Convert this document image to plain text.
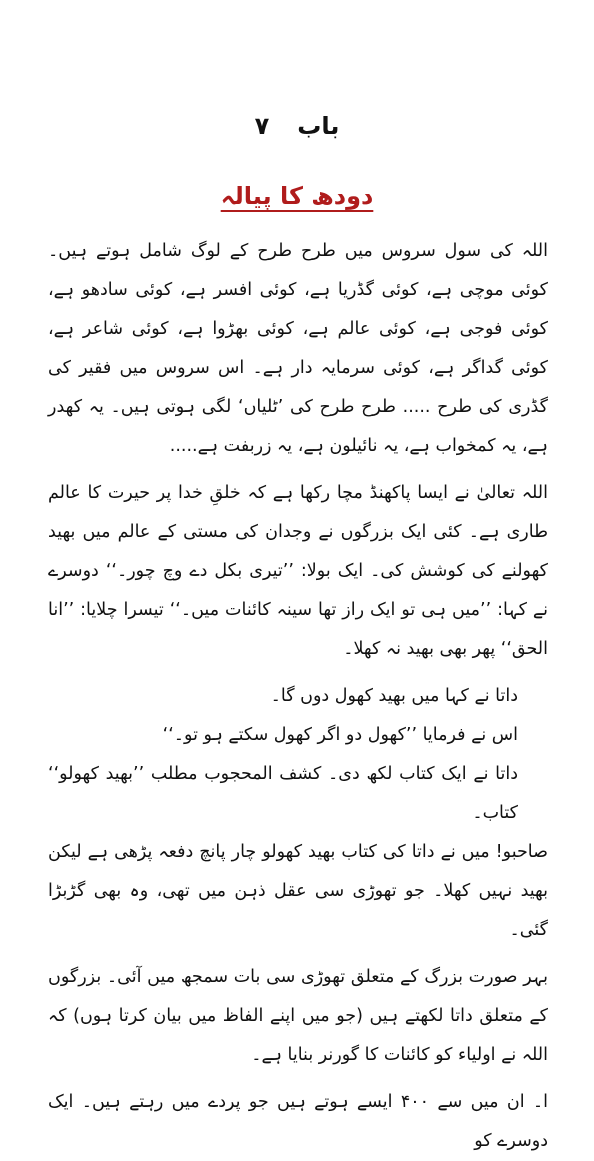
باب۷
دودھ کا پیالہ

اللہ کی سول سروس میں طرح طرح کے لوگ شامل ہوتے ہیں۔ کوئی موچی ہے، کوئی گڈریا ہے، کوئی افسر ہے، کوئی سادھو ہے، کوئی فوجی ہے، کوئی عالم ہے، کوئی بھڑوا ہے، کوئی شاعر ہے، کوئی گداگر ہے، کوئی سرمایہ دار ہے۔ اس سروس میں فقیر کی گڈری کی طرح ..... طرح طرح کی ’ٹلیاں‘ لگی ہوتی ہیں۔ یہ کھدر ہے، یہ کمخواب ہے، یہ نائیلون ہے، یہ زربفت ہے.....

اللہ تعالیٰ نے ایسا پاکھنڈ مچا رکھا ہے کہ خلقِ خدا پر حیرت کا عالم طاری ہے۔ کئی ایک بزرگوں نے وجدان کی مستی کے عالم میں بھید کھولنے کی کوشش کی۔ ایک بولا: ’’تیری بکل دے وچ چور۔‘‘ دوسرے نے کہا: ’’میں ہی تو ایک راز تھا سینہ کائنات میں۔‘‘ تیسرا چلایا: ’’انا الحق‘‘ پھر بھی بھید نہ کھلا۔

داتا نے کہا میں بھید کھول دوں گا۔

اس نے فرمایا ’’کھول دو اگر کھول سکتے ہو تو۔‘‘

داتا نے ایک کتاب لکھ دی۔ کشف المحجوب مطلب ’’بھید کھولو‘‘ کتاب۔

صاحبو! میں نے داتا کی کتاب بھید کھولو چار پانچ دفعہ پڑھی ہے لیکن بھید نہیں کھلا۔ جو تھوڑی سی عقل ذہن میں تھی، وہ بھی گڑبڑا گئی۔

بہر صورت بزرگ کے متعلق تھوڑی سی بات سمجھ میں آئی۔ بزرگوں کے متعلق داتا لکھتے ہیں (جو میں اپنے الفاظ میں بیان کرتا ہوں) کہ اللہ نے اولیاء کو کائنات کا گورنر بنایا ہے۔

ا۔ ان میں سے ۴۰۰ ایسے ہوتے ہیں جو پردے میں رہتے ہیں۔ ایک دوسرے کو
